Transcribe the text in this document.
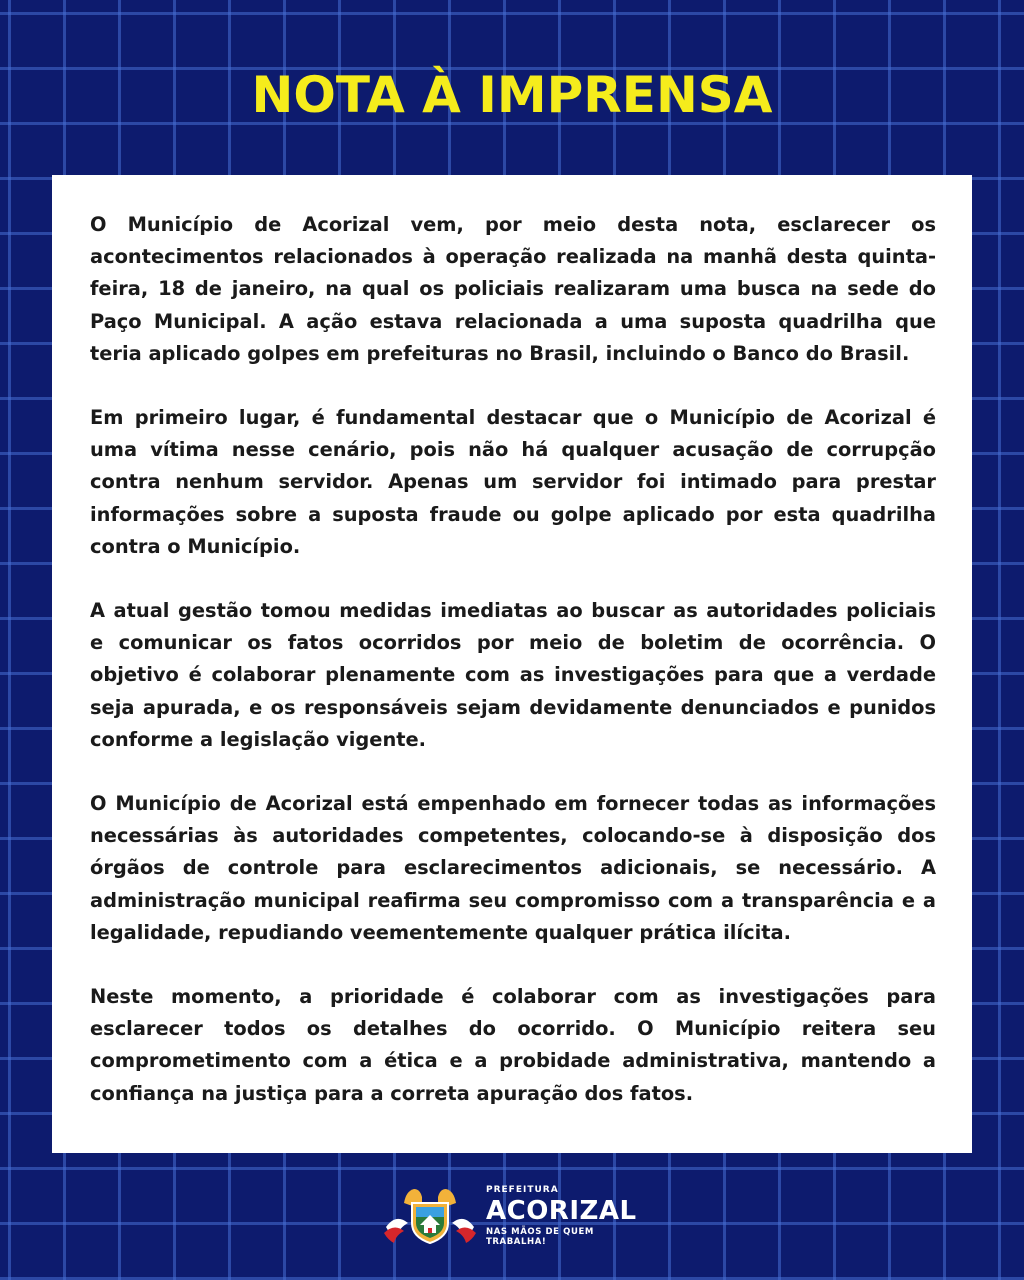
NOTA À IMPRENSA

O Município de Acorizal vem, por meio desta nota, esclarecer os acontecimentos relacionados à operação realizada na manhã desta quinta-feira, 18 de janeiro, na qual os policiais realizaram uma busca na sede do Paço Municipal. A ação estava relacionada a uma suposta quadrilha que teria aplicado golpes em prefeituras no Brasil, incluindo o Banco do Brasil.

Em primeiro lugar, é fundamental destacar que o Município de Acorizal é uma vítima nesse cenário, pois não há qualquer acusação de corrupção contra nenhum servidor. Apenas um servidor foi intimado para prestar informações sobre a suposta fraude ou golpe aplicado por esta quadrilha contra o Município.

A atual gestão tomou medidas imediatas ao buscar as autoridades policiais e comunicar os fatos ocorridos por meio de boletim de ocorrência. O objetivo é colaborar plenamente com as investigações para que a verdade seja apurada, e os responsáveis sejam devidamente denunciados e punidos conforme a legislação vigente.

O Município de Acorizal está empenhado em fornecer todas as informações necessárias às autoridades competentes, colocando-se à disposição dos órgãos de controle para esclarecimentos adicionais, se necessário. A administração municipal reafirma seu compromisso com a transparência e a legalidade, repudiando veementemente qualquer prática ilícita.

Neste momento, a prioridade é colaborar com as investigações para esclarecer todos os detalhes do ocorrido. O Município reitera seu comprometimento com a ética e a probidade administrativa, mantendo a confiança na justiça para a correta apuração dos fatos.

PREFEITURA
ACORIZAL
NAS MÃOS DE QUEM TRABALHA!
